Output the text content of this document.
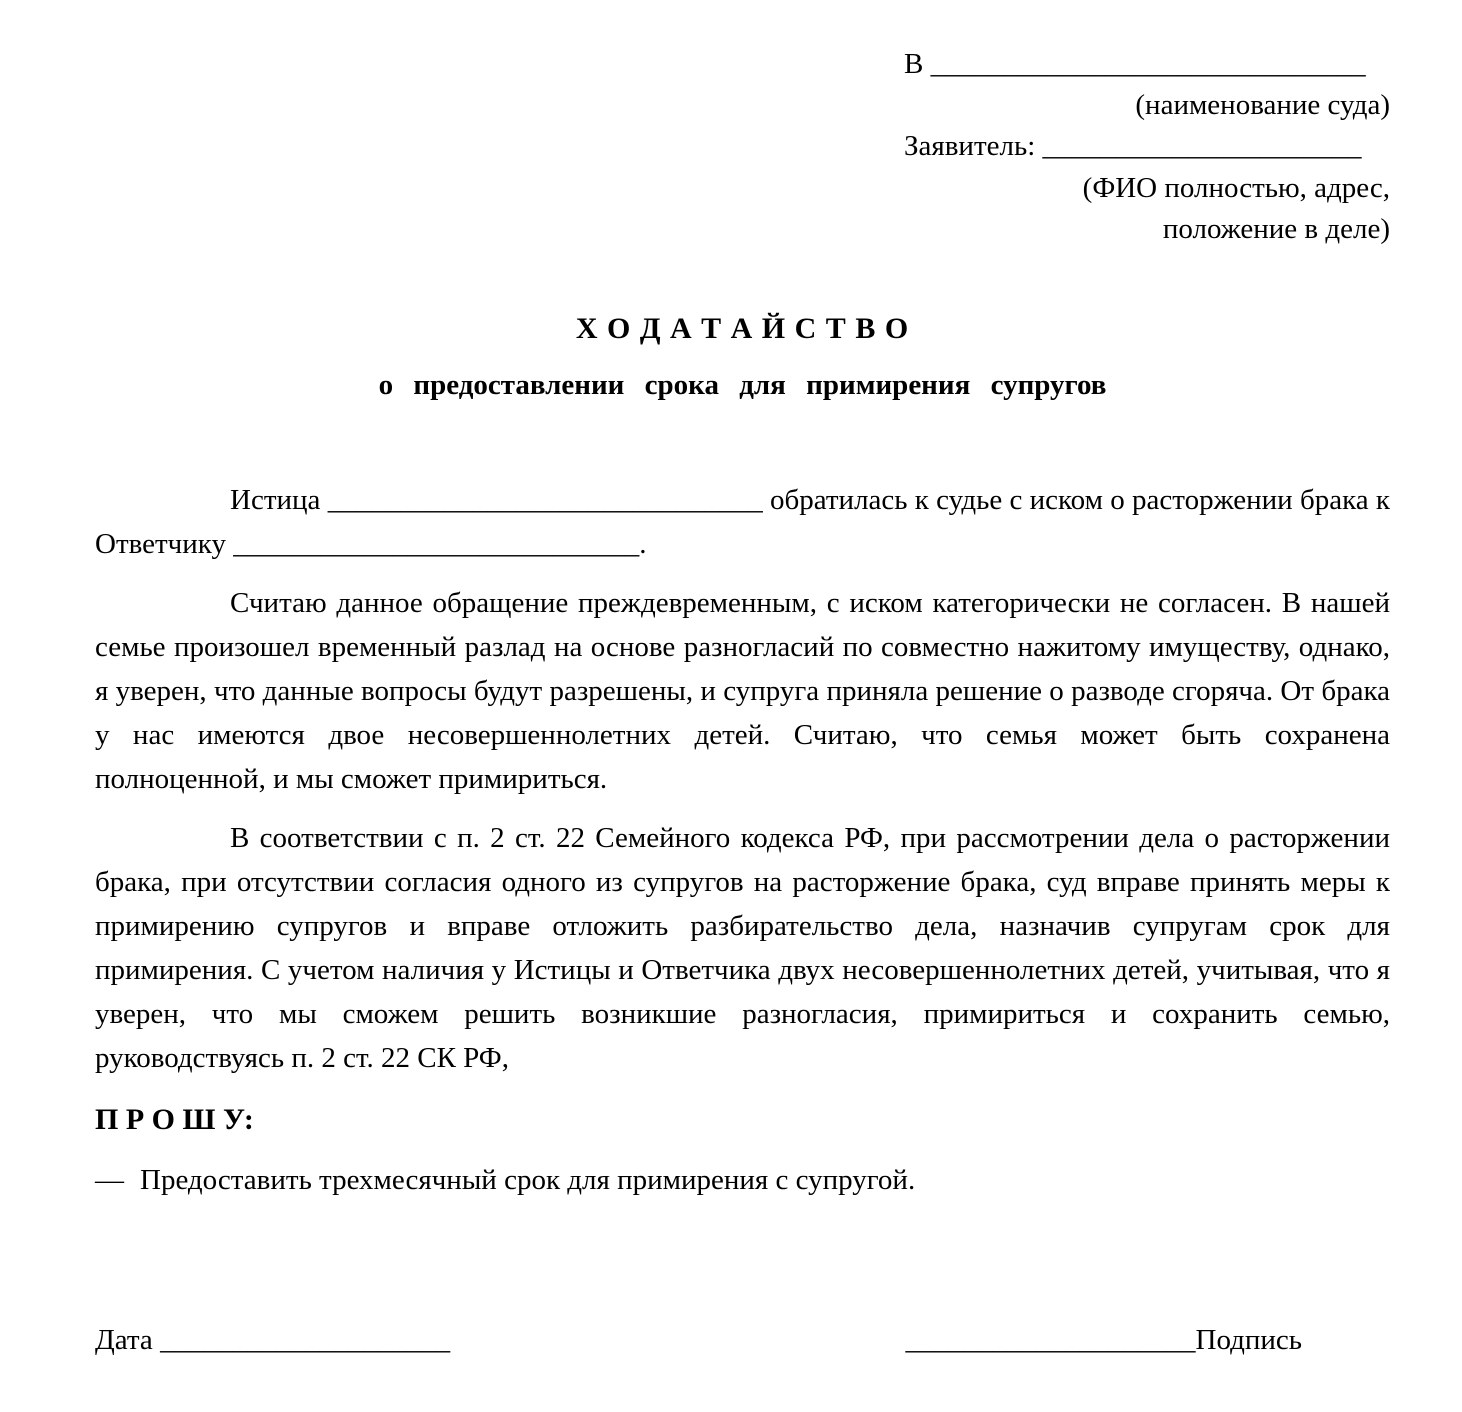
В ______________________________
(наименование суда)
Заявитель: ______________________
(ФИО полностью, адрес,
положение в деле)
Х О Д А Т А Й С Т В О
о предоставлении срока для примирения супругов

Истица ______________________________ обратилась к судье с иском о расторжении брака к Ответчику ____________________________.

Считаю данное обращение преждевременным, с иском категорически не согласен. В нашей семье произошел временный разлад на основе разногласий по совместно нажитому имуществу, однако, я уверен, что данные вопросы будут разрешены, и супруга приняла решение о разводе сгоряча. От брака у нас имеются двое несовершеннолетних детей. Считаю, что семья может быть сохранена полноценной, и мы сможет примириться.

В соответствии с п. 2 ст. 22 Семейного кодекса РФ, при рассмотрении дела о расторжении брака, при отсутствии согласия одного из супругов на расторжение брака, суд вправе принять меры к примирению супругов и вправе отложить разбирательство дела, назначив супругам срок для примирения. С учетом наличия у Истицы и Ответчика двух несовершеннолетних детей, учитывая, что я уверен, что мы сможем решить возникшие разногласия, примириться и сохранить семью, руководствуясь п. 2 ст. 22 СК РФ,

П Р О Ш У:
— Предоставить трехмесячный срок для примирения с супругой.
Дата ____________________	____________________Подпись
